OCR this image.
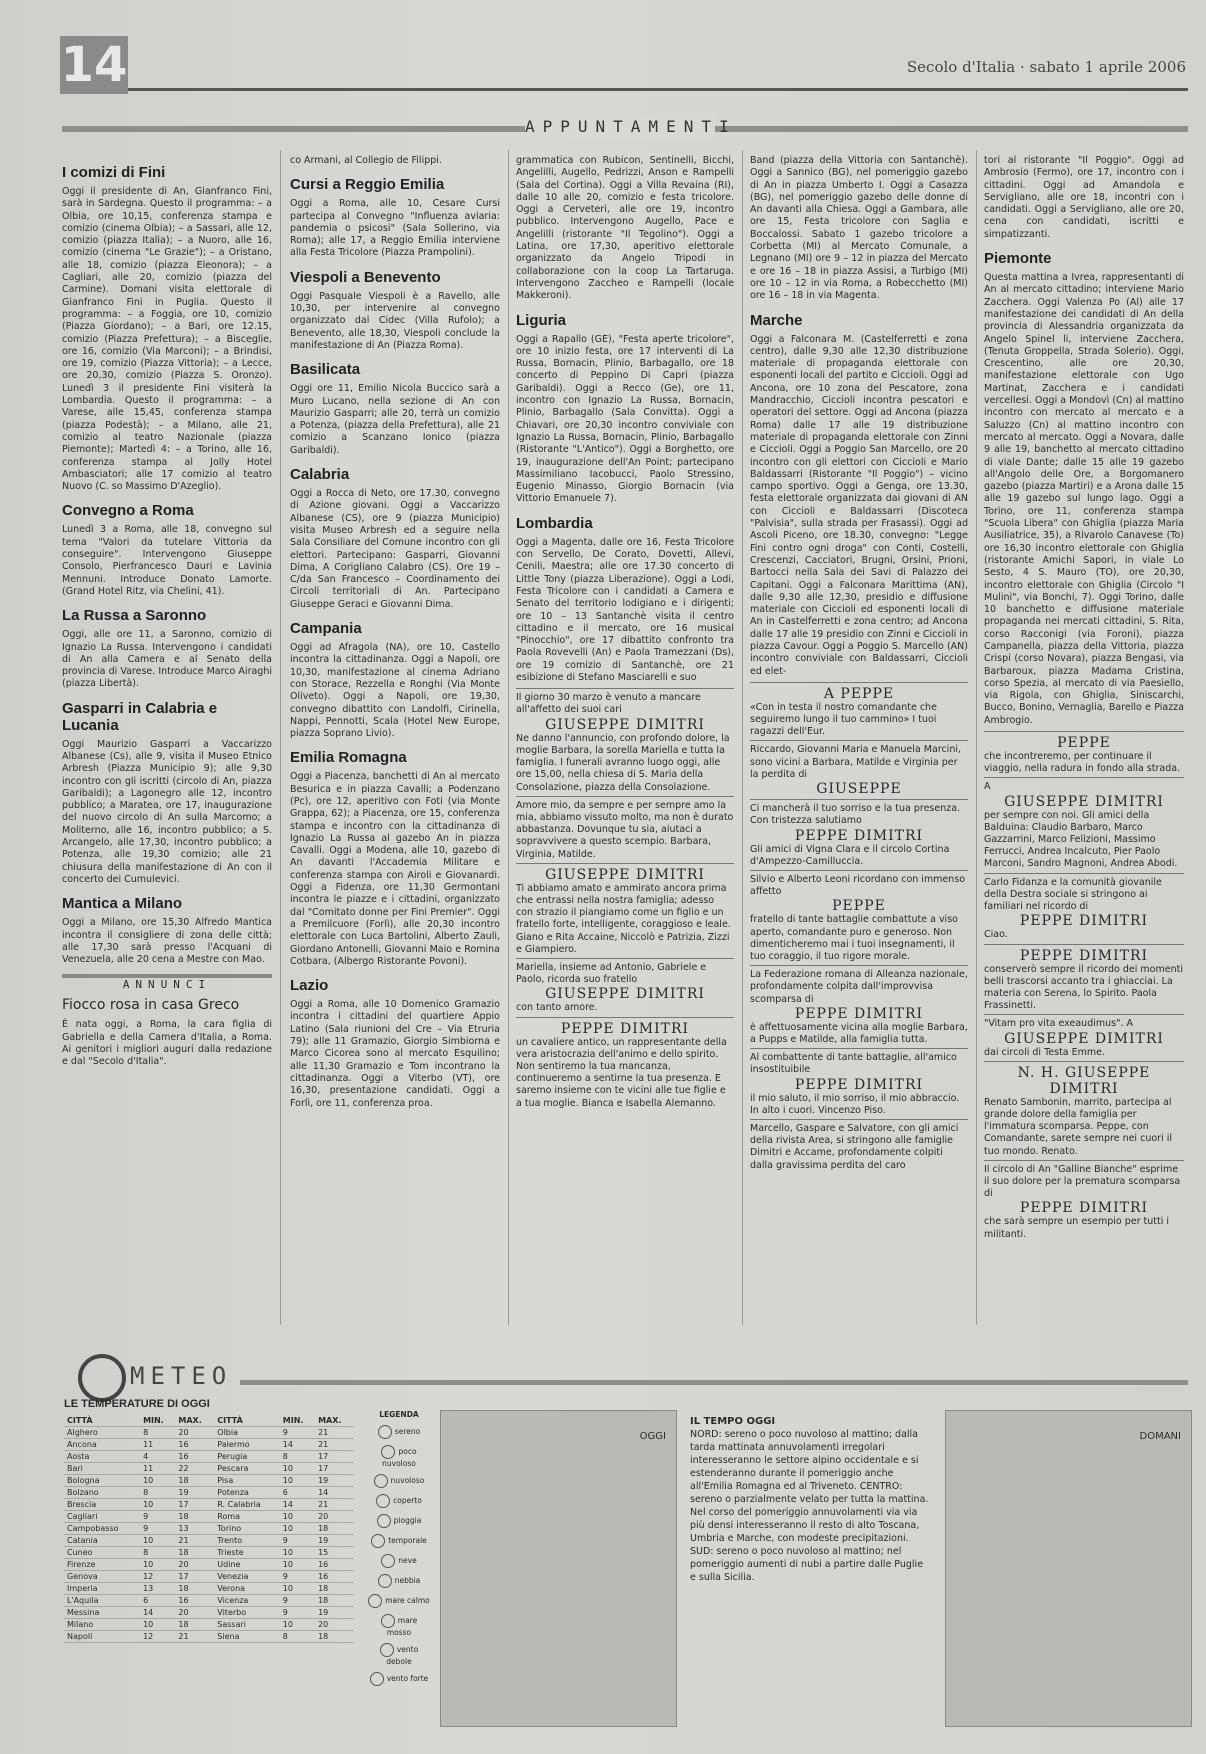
14	Secolo d'Italia · sabato 1 aprile 2006
APPUNTAMENTI
I comizi di Fini

Oggi il presidente di An, Gianfranco Fini, sarà in Sardegna. Questo il programma: – a Olbia, ore 10,15, conferenza stampa e comizio (cinema Olbia); – a Sassari, alle 12, comizio (piazza Italia); – a Nuoro, alle 16, comizio (cinema "Le Grazie"); – a Oristano, alle 18, comizio (piazza Eleonora); – a Cagliari, alle 20, comizio (piazza del Carmine). Domani visita elettorale di Gianfranco Fini in Puglia. Questo il programma: – a Foggia, ore 10, comizio (Piazza Giordano); – a Bari, ore 12.15, comizio (Piazza Prefettura); – a Bisceglie, ore 16, comizio (Via Marconi); – a Brindisi, ore 19, comizio (Piazza Vittoria); – a Lecce, ore 20,30, comizio (Piazza S. Oronzo). Lunedì 3 il presidente Fini visiterà la Lombardia. Questo il programma: – a Varese, alle 15,45, conferenza stampa (piazza Podestà); – a Milano, alle 21, comizio al teatro Nazionale (piazza Piemonte); Martedì 4: – a Torino, alle 16, conferenza stampa al Jolly Hotel Ambasciatori; alle 17 comizio al teatro Nuovo (C. so Massimo D'Azeglio).

Convegno a Roma

Lunedì 3 a Roma, alle 18, convegno sul tema "Valori da tutelare Vittoria da conseguire". Intervengono Giuseppe Consolo, Pierfrancesco Dauri e Lavinia Mennuni. Introduce Donato Lamorte. (Grand Hotel Ritz, via Chelini, 41).

La Russa a Saronno

Oggi, alle ore 11, a Saronno, comizio di Ignazio La Russa. Intervengono i candidati di An alla Camera e al Senato della provincia di Varese. Introduce Marco Airaghi (piazza Libertà).

Gasparri in Calabria e Lucania

Oggi Maurizio Gasparri a Vaccarizzo Albanese (Cs), alle 9, visita il Museo Etnico Arbresh (Piazza Municipio 9); alle 9,30 incontro con gli iscritti (circolo di An, piazza Garibaldi); a Lagonegro alle 12, incontro pubblico; a Maratea, ore 17, inaugurazione del nuovo circolo di An sulla Marcomo; a Moliterno, alle 16, incontro pubblico; a S. Arcangelo, alle 17,30, incontro pubblico; a Potenza, alle 19,30 comizio; alle 21 chiusura della manifestazione di An con il concerto dei Cumulevici.

Mantica a Milano

Oggi a Milano, ore 15,30 Alfredo Mantica incontra il consigliere di zona delle città; alle 17,30 sarà presso l'Acquani di Venezuela, alle 20 cena a Mestre con Mao.

ANNUNCI
Fiocco rosa in casa Greco

È nata oggi, a Roma, la cara figlia di Gabriella e della Camera d'Italia, a Roma. Ai genitori i migliori auguri dalla redazione e dal "Secolo d'Italia".

co Armani, al Collegio de Filippi.

Cursi a Reggio Emilia

Oggi a Roma, alle 10, Cesare Cursi partecipa al Convegno "Influenza aviaria: pandemia o psicosi" (Sala Sollerino, via Roma); alle 17, a Reggio Emilia interviene alla Festa Tricolore (Piazza Prampolini).

Viespoli a Benevento

Oggi Pasquale Viespoli è a Ravello, alle 10,30, per intervenire al convegno organizzato dal Cidec (Villa Rufolo); a Benevento, alle 18,30, Viespoli conclude la manifestazione di An (Piazza Roma).

Basilicata

Oggi ore 11, Emilio Nicola Buccico sarà a Muro Lucano, nella sezione di An con Maurizio Gasparri; alle 20, terrà un comizio a Potenza, (piazza della Prefettura), alle 21 comizio a Scanzano Ionico (piazza Garibaldi).

Calabria

Oggi a Rocca di Neto, ore 17.30, convegno di Azione giovani. Oggi a Vaccarizzo Albanese (CS), ore 9 (piazza Municipio) visita Museo Arbresh ed a seguire nella Sala Consiliare del Comune incontro con gli elettori. Partecipano: Gasparri, Giovanni Dima, A Corigliano Calabro (CS). Ore 19 – C/da San Francesco – Coordinamento dei Circoli territoriali di An. Partecipano Giuseppe Geraci e Giovanni Dima.

Campania

Oggi ad Afragola (NA), ore 10, Castello incontra la cittadinanza. Oggi a Napoli, ore 10,30, manifestazione al cinema Adriano con Storace, Rezzella e Ronghi (Via Monte Oliveto). Oggi a Napoli, ore 19,30, convegno dibattito con Landolfi, Cirinella, Nappi, Pennotti, Scala (Hotel New Europe, piazza Soprano Livio).

Emilia Romagna

Oggi a Piacenza, banchetti di An al mercato Besurica e in piazza Cavalli; a Podenzano (Pc), ore 12, aperitivo con Foti (via Monte Grappa, 62); a Piacenza, ore 15, conferenza stampa e incontro con la cittadinanza di Ignazio La Russa al gazebo An in piazza Cavalli. Oggi a Modena, alle 10, gazebo di An davanti l'Accademia Militare e conferenza stampa con Airoli e Giovanardi. Oggi a Fidenza, ore 11,30 Germontani incontra le piazze e i cittadini, organizzato dal "Comitato donne per Fini Premier". Oggi a Premilcuore (Forlì), alle 20,30 incontro elettorale con Luca Bartolini, Alberto Zauli, Giordano Antonelli, Giovanni Maio e Romina Cotbara, (Albergo Ristorante Povoni).

Lazio

Oggi a Roma, alle 10 Domenico Gramazio incontra i cittadini del quartiere Appio Latino (Sala riunioni del Cre – Via Etruria 79); alle 11 Gramazio, Giorgio Simbiorna e Marco Cicorea sono al mercato Esquilino; alle 11,30 Gramazio e Tom incontrano la cittadinanza. Oggi a Viterbo (VT), ore 16,30, presentazione candidati. Oggi a Forlì, ore 11, conferenza proa.

grammatica con Rubicon, Sentinelli, Bicchi, Angelilli, Augello, Pedrizzi, Anson e Rampelli (Sala del Cortina). Oggi a Villa Revaina (RI), dalle 10 alle 20, comizio e festa tricolore. Oggi a Cerveteri, alle ore 19, incontro pubblico. Intervengono Augello, Pace e Angelilli (ristorante "Il Tegolino"). Oggi a Latina, ore 17,30, aperitivo elettorale organizzato da Angelo Tripodi in collaborazione con la coop La Tartaruga. Intervengono Zaccheo e Rampelli (locale Makkeroni).

Liguria

Oggi a Rapallo (GE), "Festa aperte tricolore", ore 10 inizio festa, ore 17 interventi di La Russa, Bornacin, Plinio, Barbagallo, ore 18 concerto di Peppino Di Capri (piazza Garibaldi). Oggi a Recco (Ge), ore 11, incontro con Ignazio La Russa, Bornacin, Plinio, Barbagallo (Sala Convitta). Oggi a Chiavari, ore 20,30 incontro conviviale con Ignazio La Russa, Bornacin, Plinio, Barbagallo (Ristorante "L'Antico"). Oggi a Borghetto, ore 19, inaugurazione dell'An Point; partecipano Massimiliano Iacobucci, Paolo Stressino, Eugenio Minasso, Giorgio Bornacin (via Vittorio Emanuele 7).

Lombardia

Oggi a Magenta, dalle ore 16, Festa Tricolore con Servello, De Corato, Dovetti, Allevi, Cenili, Maestra; alle ore 17.30 concerto di Little Tony (piazza Liberazione). Oggi a Lodi, Festa Tricolore con i candidati a Camera e Senato del territorio lodigiano e i dirigenti; ore 10 – 13 Santanchè visita il centro cittadino e il mercato, ore 16 musical "Pinocchio", ore 17 dibattito confronto tra Paola Rovevelli (An) e Paola Tramezzani (Ds), ore 19 comizio di Santanchè, ore 21 esibizione di Stefano Masciarelli e suo

Il giorno 30 marzo è venuto a mancare all'affetto dei suoi cari
GIUSEPPE DIMITRI
Ne danno l'annuncio, con profondo dolore, la moglie Barbara, la sorella Mariella e tutta la famiglia. I funerali avranno luogo oggi, alle ore 15,00, nella chiesa di S. Maria della Consolazione, piazza della Consolazione.
Amore mio, da sempre e per sempre amo la mia, abbiamo vissuto molto, ma non è durato abbastanza. Dovunque tu sia, aiutaci a sopravvivere a questo scempio. Barbara, Virginia, Matilde.
GIUSEPPE DIMITRI
Ti abbiamo amato e ammirato ancora prima che entrassi nella nostra famiglia; adesso con strazio il piangiamo come un figlio e un fratello forte, intelligente, coraggioso e leale. Giano e Rita Accaine, Niccolò e Patrizia, Zizzi e Giampiero.
Mariella, insieme ad Antonio, Gabriele e Paolo, ricorda suo fratello
GIUSEPPE DIMITRI
con tanto amore.
PEPPE DIMITRI
un cavaliere antico, un rappresentante della vera aristocrazia dell'animo e dello spirito. Non sentiremo la tua mancanza, continueremo a sentirne la tua presenza. E saremo insieme con te vicini alle tue figlie e a tua moglie. Bianca e Isabella Alemanno.

Band (piazza della Vittoria con Santanchè). Oggi a Sannico (BG), nel pomeriggio gazebo di An in piazza Umberto I. Oggi a Casazza (BG), nel pomeriggio gazebo delle donne di An davanti alla Chiesa. Oggi a Gambara, alle ore 15, Festa tricolore con Saglia e Boccalossi. Sabato 1 gazebo tricolore a Corbetta (MI) al Mercato Comunale, a Legnano (MI) ore 9 – 12 in piazza del Mercato e ore 16 – 18 in piazza Assisi, a Turbigo (MI) ore 10 – 12 in via Roma, a Robecchetto (MI) ore 16 – 18 in via Magenta.

Marche

Oggi a Falconara M. (Castelferretti e zona centro), dalle 9,30 alle 12,30 distribuzione materiale di propaganda elettorale con esponenti locali del partito e Ciccioli. Oggi ad Ancona, ore 10 zona del Pescatore, zona Mandracchio, Ciccioli incontra pescatori e operatori del settore. Oggi ad Ancona (piazza Roma) dalle 17 alle 19 distribuzione materiale di propaganda elettorale con Zinni e Ciccioli. Oggi a Poggio San Marcello, ore 20 incontro con gli elettori con Ciccioli e Mario Baldassarri (Ristorante "Il Poggio") – vicino campo sportivo. Oggi a Genga, ore 13.30, festa elettorale organizzata dai giovani di AN con Ciccioli e Baldassarri (Discoteca "Palvisia", sulla strada per Frasassi). Oggi ad Ascoli Piceno, ore 18.30, convegno: "Legge Fini contro ogni droga" con Conti, Costelli, Crescenzi, Cacciatori, Brugni, Orsini, Prioni, Bartocci nella Sala dei Savi di Palazzo dei Capitani. Oggi a Falconara Marittima (AN), dalle 9,30 alle 12,30, presidio e diffusione materiale con Ciccioli ed esponenti locali di An in Castelferretti e zona centro; ad Ancona dalle 17 alle 19 presidio con Zinni e Ciccioli in piazza Cavour. Oggi a Poggio S. Marcello (AN) incontro conviviale con Baldassarri, Ciccioli ed elet-

A PEPPE
«Con in testa il nostro comandante che seguiremo lungo il tuo cammino» I tuoi ragazzi dell'Eur.
Riccardo, Giovanni Maria e Manuela Marcini, sono vicini a Barbara, Matilde e Virginia per la perdita di
GIUSEPPE
Ci mancherà il tuo sorriso e la tua presenza. Con tristezza salutiamo
PEPPE DIMITRI
Gli amici di Vigna Clara e il circolo Cortina d'Ampezzo-Camilluccia.
Silvio e Alberto Leoni ricordano con immenso affetto
PEPPE
fratello di tante battaglie combattute a viso aperto, comandante puro e generoso. Non dimenticheremo mai i tuoi insegnamenti, il tuo coraggio, il tuo rigore morale.
La Federazione romana di Alleanza nazionale, profondamente colpita dall'improvvisa scomparsa di
PEPPE DIMITRI
è affettuosamente vicina alla moglie Barbara, a Pupps e Matilde, alla famiglia tutta.
Al combattente di tante battaglie, all'amico insostituibile
PEPPE DIMITRI
il mio saluto, il mio sorriso, il mio abbraccio. In alto i cuori. Vincenzo Piso.
Marcello, Gaspare e Salvatore, con gli amici della rivista Area, si stringono alle famiglie Dimitri e Accame, profondamente colpiti dalla gravissima perdita del caro

tori al ristorante "Il Poggio". Oggi ad Ambrosio (Fermo), ore 17, incontro con i cittadini. Oggi ad Amandola e Servigliano, alle ore 18, incontri con i candidati. Oggi a Servigliano, alle ore 20, cena con candidati, iscritti e simpatizzanti.

Piemonte

Questa mattina a Ivrea, rappresentanti di An al mercato cittadino; interviene Mario Zacchera. Oggi Valenza Po (Al) alle 17 manifestazione dei candidati di An della provincia di Alessandria organizzata da Angelo Spinel li, interviene Zacchera, (Tenuta Groppella, Strada Solerio). Oggi, Crescentino, alle ore 20,30, manifestazione elettorale con Ugo Martinat, Zacchera e i candidati vercellesi. Oggi a Mondovì (Cn) al mattino incontro con mercato al mercato e a Saluzzo (Cn) al mattino incontro con mercato al mercato. Oggi a Novara, dalle 9 alle 19, banchetto al mercato cittadino di viale Dante; dalle 15 alle 19 gazebo all'Angolo delle Ore, a Borgomanero gazebo (piazza Martiri) e a Arona dalle 15 alle 19 gazebo sul lungo lago. Oggi a Torino, ore 11, conferenza stampa "Scuola Libera" con Ghiglia (piazza Maria Ausiliatrice, 35), a Rivarolo Canavese (To) ore 16,30 incontro elettorale con Ghiglia (ristorante Amichi Sapori, in viale Lo Sesto, 4 S. Mauro (TO), ore 20,30, incontro elettorale con Ghiglia (Circolo "I Mulini", via Bonchi, 7). Oggi Torino, dalle 10 banchetto e diffusione materiale propaganda nei mercati cittadini, S. Rita, corso Racconigi (via Foroni), piazza Campanella, piazza della Vittoria, piazza Crispi (corso Novara), piazza Bengasi, via Barbaroux, piazza Madama Cristina, corso Spezia, al mercato di via Paesiello, via Rigola, con Ghiglia, Siniscarchi, Bucco, Bonino, Vernaglia, Barello e Piazza Ambrogio.

PEPPE
che incontreremo, per continuare il viaggio, nella radura in fondo alla strada.
A
GIUSEPPE DIMITRI
per sempre con noi. Gli amici della Balduina: Claudio Barbaro, Marco Gazzarrini, Marco Felizioni, Massimo Ferrucci, Andrea Incalcuto, Pier Paolo Marconi, Sandro Magnoni, Andrea Abodi.
Carlo Fidanza e la comunità giovanile della Destra sociale si stringono ai familiari nel ricordo di
PEPPE DIMITRI
Ciao.
PEPPE DIMITRI
conserverò sempre il ricordo dei momenti belli trascorsi accanto tra i ghiacciai. La materia con Serena, lo Spirito. Paola Frassinetti.
"Vitam pro vita exeaudimus". A
GIUSEPPE DIMITRI
dai circoli di Testa Emme.
N. H. GIUSEPPE DIMITRI
Renato Sambonin, marrito, partecipa al grande dolore della famiglia per l'immatura scomparsa. Peppe, con Comandante, sarete sempre nei cuori il tuo mondo. Renato.
Il circolo di An "Galline Bianche" esprime il suo dolore per la prematura scomparsa di
PEPPE DIMITRI
che sarà sempre un esempio per tutti i militanti.
METEO
LE TEMPERATURE DI OGGI
CITTÀ	MIN.	MAX.	CITTÀ	MIN.	MAX.
Alghero	8	20	Olbia	9	21
Ancona	11	16	Palermo	14	21
Aosta	4	16	Perugia	8	17
Bari	11	22	Pescara	10	17
Bologna	10	18	Pisa	10	19
Bolzano	8	19	Potenza	6	14
Brescia	10	17	R. Calabria	14	21
Cagliari	9	18	Roma	10	20
Campobasso	9	13	Torino	10	18
Catania	10	21	Trento	9	19
Cuneo	8	18	Trieste	10	15
Firenze	10	20	Udine	10	16
Genova	12	17	Venezia	9	16
Imperia	13	18	Verona	10	18
L'Aquila	6	16	Vicenza	9	18
Messina	14	20	Viterbo	9	19
Milano	10	18	Sassari	10	20
Napoli	12	21	Siena	8	18
LEGENDA
sereno
poco nuvoloso
nuvoloso
coperto
pioggia
temporale
neve
nebbia
mare calmo
mare mosso
vento debole
vento forte
OGGI
IL TEMPO OGGI
NORD: sereno o poco nuvoloso al mattino; dalla tarda mattinata annuvolamenti irregolari interesseranno le settore alpino occidentale e si estenderanno durante il pomeriggio anche all'Emilia Romagna ed al Triveneto. CENTRO: sereno o parzialmente velato per tutta la mattina. Nel corso del pomeriggio annuvolamenti via via più densi interesseranno il resto di alto Toscana, Umbria e Marche, con modeste precipitazioni. SUD: sereno o poco nuvoloso al mattino; nel pomeriggio aumenti di nubi a partire dalle Puglie e sulla Sicilia.
DOMANI
